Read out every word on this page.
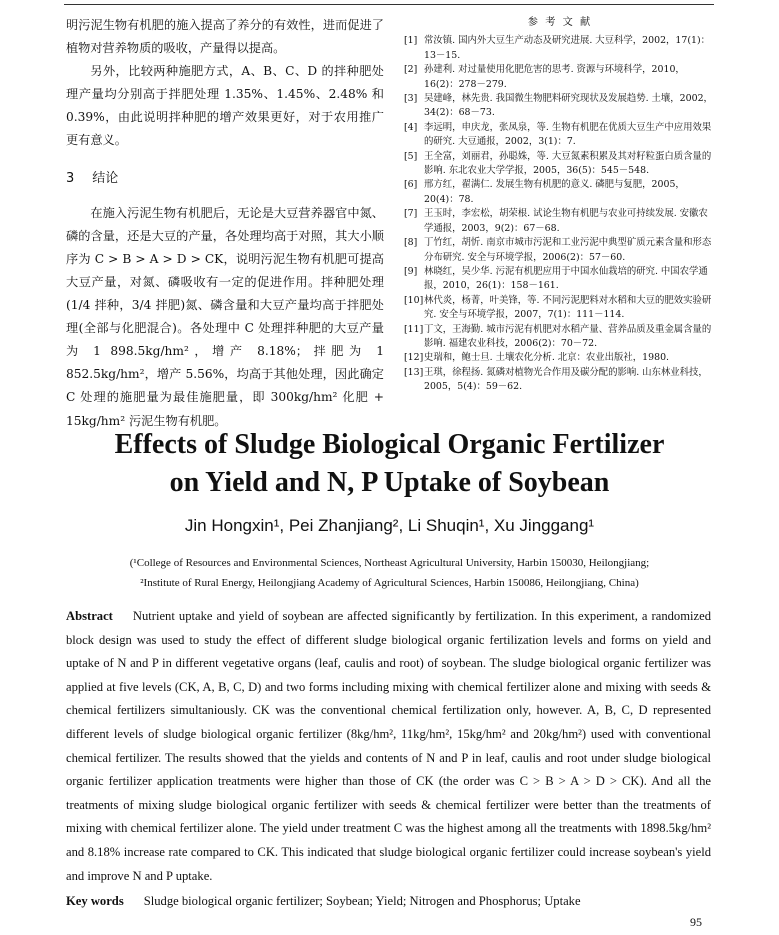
明污泥生物有机肥的施入提高了养分的有效性，进而促进了植物对营养物质的吸收，产量得以提高。

另外，比较两种施肥方式，A、B、C、D 的拌种肥处理产量均分别高于拌肥处理 1.35%、1.45%、2.48% 和 0.39%，由此说明拌种肥的增产效果更好，对于农用推广更有意义。

3 结论

在施入污泥生物有机肥后，无论是大豆营养器官中氮、磷的含量，还是大豆的产量，各处理均高于对照，其大小顺序为 C > B > A > D > CK，说明污泥生物有机肥可提高大豆产量，对氮、磷吸收有一定的促进作用。拌种肥处理(1/4 拌种，3/4 拌肥)氮、磷含量和大豆产量均高于拌肥处理(全部与化肥混合)。各处理中 C 处理拌种肥的大豆产量为 1 898.5kg/hm²，增产 8.18%；拌肥为 1 852.5kg/hm²，增产 5.56%，均高于其他处理，因此确定 C 处理的施肥量为最佳施肥量，即 300kg/hm² 化肥 + 15kg/hm² 污泥生物有机肥。

参 考 文 献
[1] 常汝镇. 国内外大豆生产动态及研究进展. 大豆科学，2002，17(1)：13－15.
[2] 孙建利. 对过量使用化肥危害的思考. 资源与环境科学，2010，16(2)：278－279.
[3] 吴建峰，林先贵. 我国微生物肥料研究现状及发展趋势. 土壤，2002，34(2)：68－73.
[4] 李远明，申庆龙，张凤泉，等. 生物有机肥在优质大豆生产中应用效果的研究. 大豆通报，2002，3(1)：7.
[5] 王全富，刘丽君，孙聪姝，等. 大豆氮素积累及其对籽粒蛋白质含量的影响. 东北农业大学学报，2005，36(5)：545－548.
[6] 邢方红，翟满仁. 发展生物有机肥的意义. 磷肥与复肥，2005，20(4)：78.
[7] 王玉时，李宏松，胡荣根. 试论生物有机肥与农业可持续发展. 安徽农学通报，2003，9(2)：67－68.
[8] 丁竹红，胡忻. 南京市城市污泥和工业污泥中典型矿质元素含量和形态分布研究. 安全与环境学报，2006(2)：57－60.
[9] 林晓红，吴少华. 污泥有机肥应用于中国水仙栽培的研究. 中国农学通报，2010，26(1)：158－161.
[10] 林代炎，杨菁，叶美锋，等. 不同污泥肥料对水稻和大豆的肥效实验研究. 安全与环境学报，2007，7(1)：111－114.
[11] 丁文，王海勤. 城市污泥有机肥对水稻产量、营养品质及重金属含量的影响. 福建农业科技，2006(2)：70－72.
[12] 史瑞和，鲍士旦. 土壤农化分析. 北京：农业出版社，1980.
[13] 王琪，徐程扬. 氮磷对植物光合作用及碳分配的影响. 山东林业科技，2005，5(4)：59－62.
Effects of Sludge Biological Organic Fertilizer
on Yield and N, P Uptake of Soybean
Jin Hongxin¹, Pei Zhanjiang², Li Shuqin¹, Xu Jinggang¹
(¹College of Resources and Environmental Sciences, Northeast Agricultural University, Harbin 150030, Heilongjiang;
²Institute of Rural Energy, Heilongjiang Academy of Agricultural Sciences, Harbin 150086, Heilongjiang, China)

Abstract Nutrient uptake and yield of soybean are affected significantly by fertilization. In this experiment, a randomized block design was used to study the effect of different sludge biological organic fertilization levels and forms on yield and uptake of N and P in different vegetative organs (leaf, caulis and root) of soybean. The sludge biological organic fertilizer was applied at five levels (CK, A, B, C, D) and two forms including mixing with chemical fertilizer alone and mixing with seeds & chemical fertilizers simultaniously. CK was the conventional chemical fertilization only, however. A, B, C, D represented different levels of sludge biological organic fertilizer (8kg/hm², 11kg/hm², 15kg/hm² and 20kg/hm²) used with conventional chemical fertilizer. The results showed that the yields and contents of N and P in leaf, caulis and root under sludge biological organic fertilizer application treatments were higher than those of CK (the order was C > B > A > D > CK). And all the treatments of mixing sludge biological organic fertilizer with seeds & chemical fertilizer were better than the treatments of mixing with chemical fertilizer alone. The yield under treatment C was the highest among all the treatments with 1898.5kg/hm² and 8.18% increase rate compared to CK. This indicated that sludge biological organic fertilizer could increase soybean's yield and improve N and P uptake.

Key words Sludge biological organic fertilizer; Soybean; Yield; Nitrogen and Phosphorus; Uptake

95
